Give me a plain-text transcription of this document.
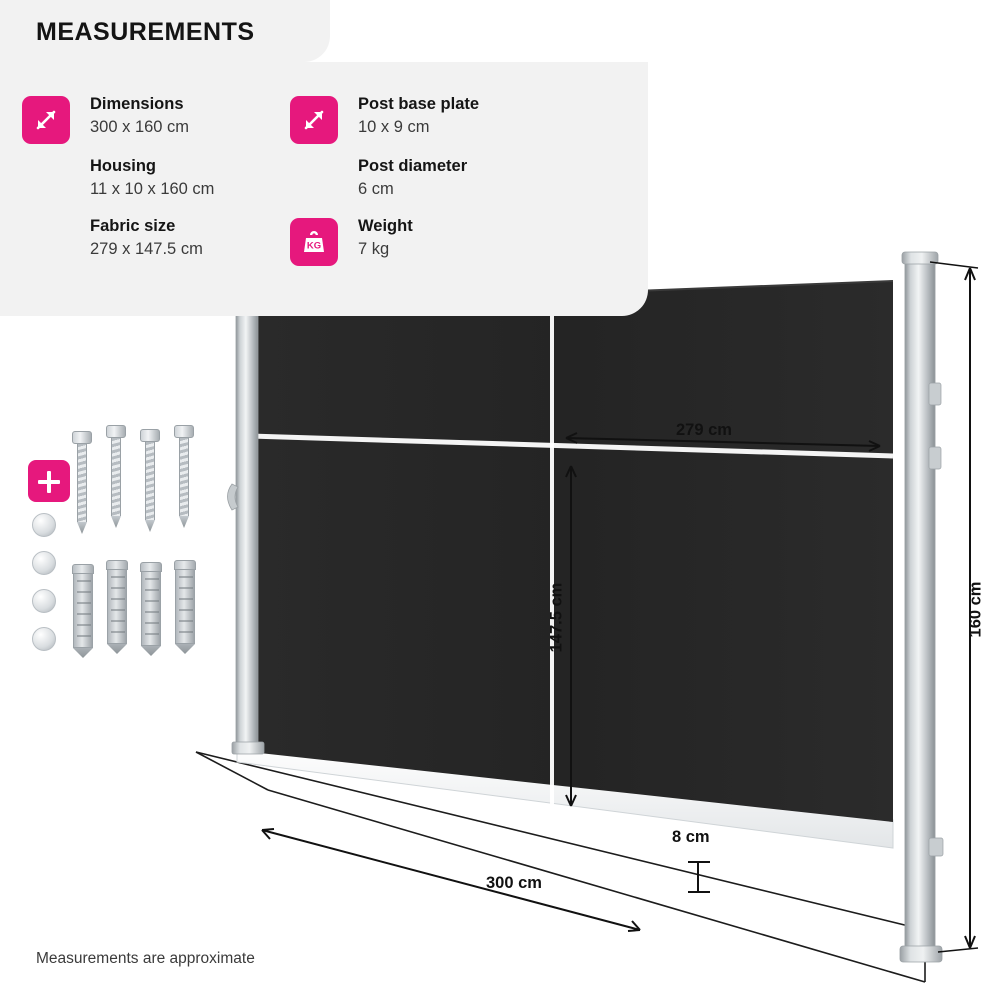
279 cm
147.5 cm
300 cm
160 cm
8 cm
Dimensions
300 x 160 cm
Housing
11 x 10 x 160 cm
Fabric size
279 x 147.5 cm
Post base plate
10 x 9 cm
Post diameter
6 cm
KG
Weight
7 kg
MEASUREMENTS
Measurements are approximate
